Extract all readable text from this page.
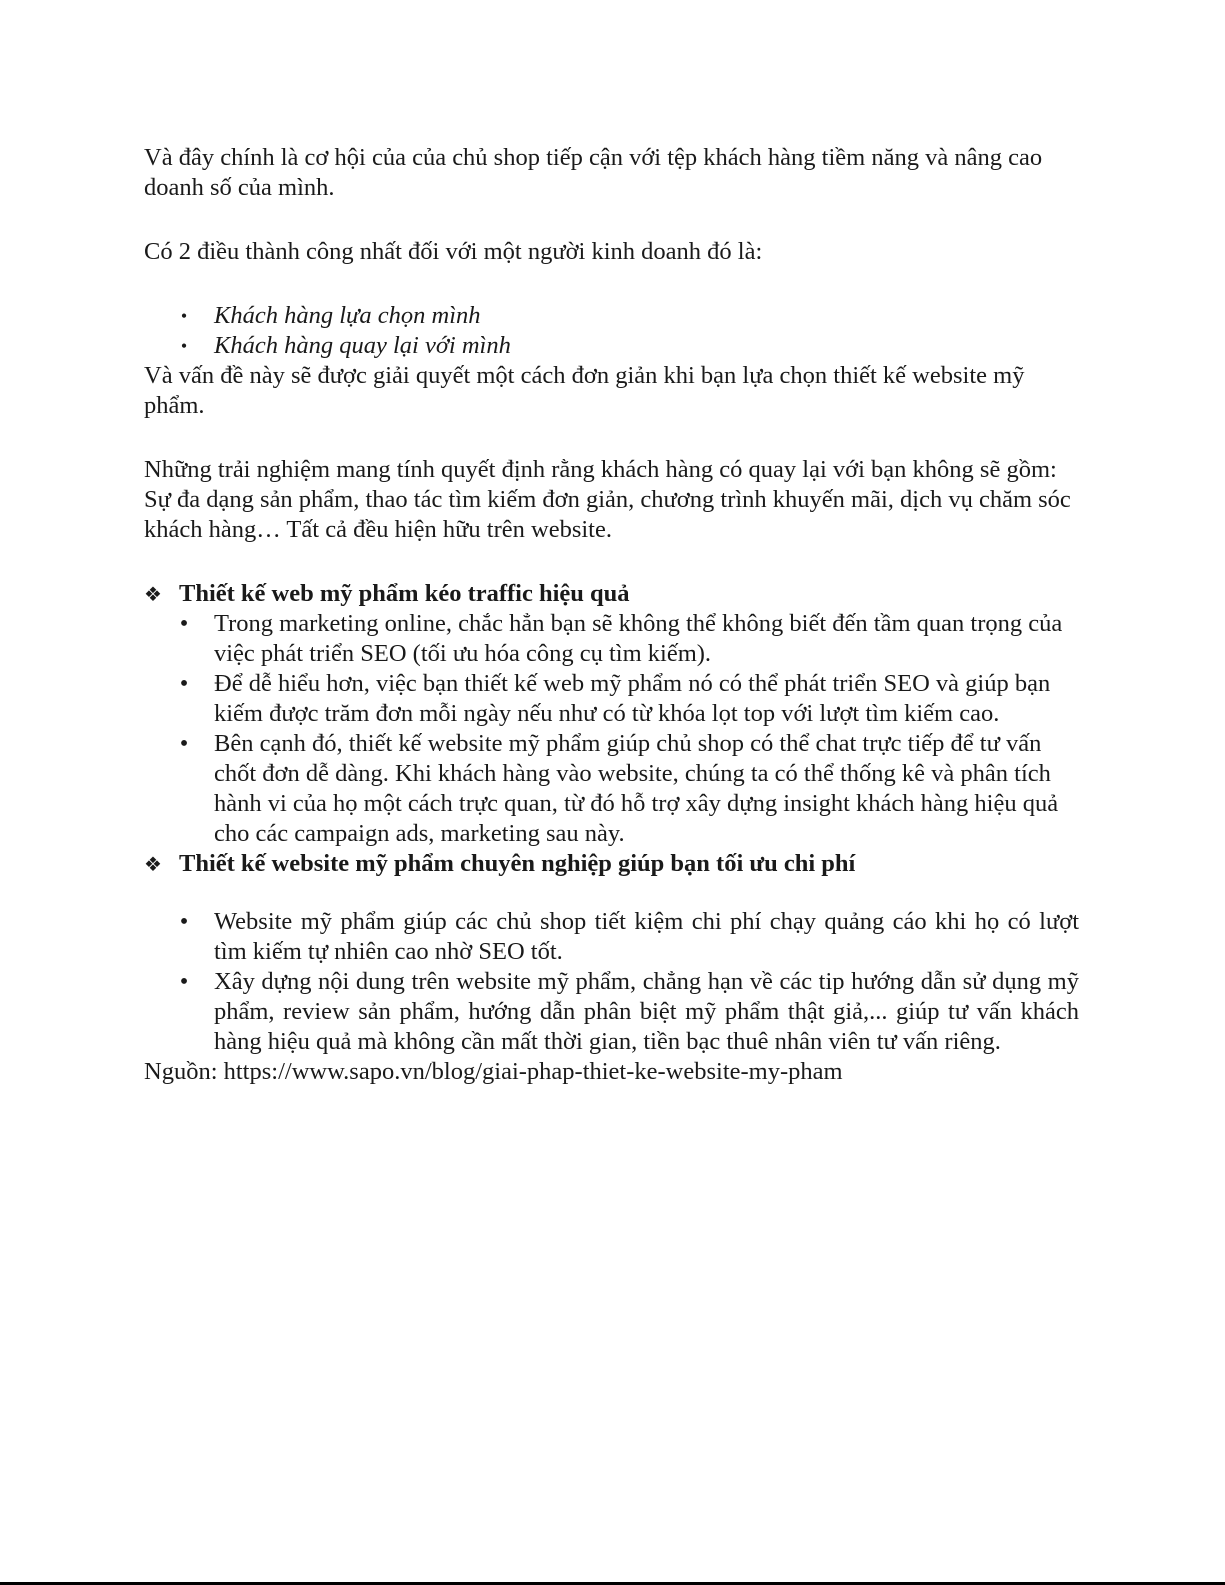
Và đây chính là cơ hội của của chủ shop tiếp cận với tệp khách hàng tiềm năng và nâng cao doanh số của mình.

Có 2 điều thành công nhất đối với một người kinh doanh đó là:

• Khách hàng lựa chọn mình
• Khách hàng quay lại với mình

Và vấn đề này sẽ được giải quyết một cách đơn giản khi bạn lựa chọn thiết kế website mỹ phẩm.

Những trải nghiệm mang tính quyết định rằng khách hàng có quay lại với bạn không sẽ gồm: Sự đa dạng sản phẩm, thao tác tìm kiếm đơn giản, chương trình khuyến mãi, dịch vụ chăm sóc khách hàng… Tất cả đều hiện hữu trên website.

❖ Thiết kế web mỹ phẩm kéo traffic hiệu quả
• Trong marketing online, chắc hẳn bạn sẽ không thể không biết đến tầm quan trọng của việc phát triển SEO (tối ưu hóa công cụ tìm kiếm).
• Để dễ hiểu hơn, việc bạn thiết kế web mỹ phẩm nó có thể phát triển SEO và giúp bạn kiếm được trăm đơn mỗi ngày nếu như có từ khóa lọt top với lượt tìm kiếm cao.
• Bên cạnh đó, thiết kế website mỹ phẩm giúp chủ shop có thể chat trực tiếp để tư vấn chốt đơn dễ dàng. Khi khách hàng vào website, chúng ta có thể thống kê và phân tích hành vi của họ một cách trực quan, từ đó hỗ trợ xây dựng insight khách hàng hiệu quả cho các campaign ads, marketing sau này.
❖ Thiết kế website mỹ phẩm chuyên nghiệp giúp bạn tối ưu chi phí
• Website mỹ phẩm giúp các chủ shop tiết kiệm chi phí chạy quảng cáo khi họ có lượt tìm kiếm tự nhiên cao nhờ SEO tốt.
• Xây dựng nội dung trên website mỹ phẩm, chẳng hạn về các tip hướng dẫn sử dụng mỹ phẩm, review sản phẩm, hướng dẫn phân biệt mỹ phẩm thật giả,... giúp tư vấn khách hàng hiệu quả mà không cần mất thời gian, tiền bạc thuê nhân viên tư vấn riêng.

Nguồn: https://www.sapo.vn/blog/giai-phap-thiet-ke-website-my-pham
